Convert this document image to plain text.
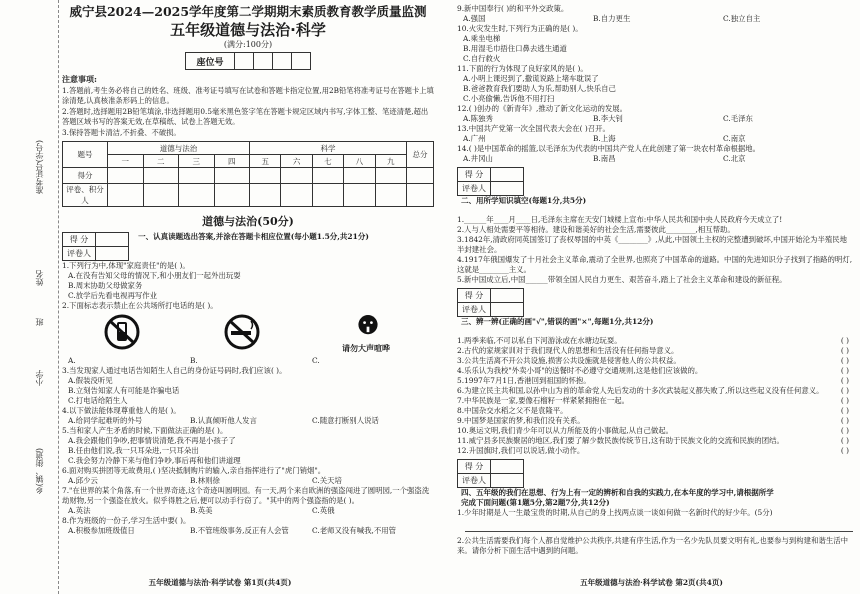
准考证号(学号)
姓名
班
小学
乡(镇、街道)

威宁县2024—2025学年度第二学期期末素质教育教学质量监测

五年级道德与法治·科学

(满分:100分)

座位号				
注意事项:
1.答题前,考生务必将自己的姓名、班级、准考证号填写在试卷和答题卡指定位置,用2B铅笔将准考证号在答题卡上填涂清楚,认真核准条形码上的信息。
2.答题时,选择题用2B铅笔填涂,非选择题用0.5毫米黑色签字笔在答题卡规定区域内书写,字体工整、笔迹清楚,超出答题区域书写的答案无效,在草稿纸、试卷上答题无效。
3.保持答题卡清洁,不折叠、不破损。
题号	道德与法治				科学					总分
	一	二	三	四	五	六	七	八	九	
得分										
评卷、积分人										
道德与法治(50分)
得 分	
评卷人	一、认真读题选出答案,并涂在答题卡相应位置(每小题1.5分,共21分)

1.下列行为中,体现"家庭责任"的是( )。

A.在没有告知父母的情况下,和小朋友们一起外出玩耍

B.周末协助父母做家务

C.放学后先看电视再写作业

2.下面标志表示禁止在公共场所打电话的是( )。

请勿大声喧哗
A.	B.	C.

3.当发现家人通过电话告知陌生人自己的身份证号码时,我们应该( )。

A.假装没听见

B.立刻告知家人有可能是诈骗电话

C.打电话给陌生人

4.以下做法能体现尊重他人的是( )。

A.给同学起难听的外号	B.认真倾听他人发言	C.随意打断别人说话

5.当和家人产生矛盾的时候,下面做法正确的是( )。

A.我会跟他们争吵,把事情说清楚,我不再是小孩子了

B.任由他们说,我一只耳朵进,一只耳朵出

C.我会努力冷静下来与他们争吵,事后再和他们讲道理

6.面对购买拼团等无故费用,( )坚决抵制购片的输入,亲自指挥进行了"虎门销烟"。

A.邱少云	B.林则徐	C.关天培

7."在世界的某个角落,有一个世界奇迹,这个奇迹叫圆明园。有一天,两个来自欧洲的强盗闯进了圆明园,一个强盗洗劫财物,另一个强盗在放火。似乎得胜之后,便可以动手行窃了。"其中的两个强盗指的是( )。

A.英法	B.英美	C.英俄

8.作为班级的一份子,学习生活中要( )。

A.积极参加班级值日	B.不管班级事务,反正有人会管	C.老师又没有喊我,不用管
五年级道德与法治·科学试卷 第1页(共4页)

9.新中国奉行( )的和平外交政策。

A.强国	B.自力更生	C.独立自主

10.火灾发生时,下列行为正确的是( )。

A.乘坐电梯

B.用湿毛巾捂住口鼻去逃生通道

C.自行救火

11.下面的行为体现了良好家风的是( )。

A.小明上课迟到了,撒谎说路上堵车耽误了

B.爸爸教育我们要助人为乐,帮助别人,快乐自己

C.小亮偷懒,告诉他不用打扫

12.( )创办的《新青年》,推动了新文化运动的发展。

A.陈独秀	B.李大钊	C.毛泽东

13.中国共产党第一次全国代表大会在( )召开。

A.广州	B.上海	C.南京

14.( )是中国革命的摇篮,以毛泽东为代表的中国共产党人在此创建了第一块农村革命根据地。

A.井冈山	B.南昌	C.北京
得 分	
评卷人	二、用所学知识填空(每题1分,共5分)

1.______年____月____日,毛泽东主席在天安门城楼上宣布:中华人民共和国中央人民政府今天成立了!

2.人与人相处需要平等相待。建设和谐美好的社会生活,需要彼此________,相互帮助。

3.1842年,清政府同英国签订了丧权辱国的中英《________》,从此,中国领土主权的完整遭到破坏,中国开始沦为半殖民地半封建社会。

4.1917年俄国爆发了十月社会主义革命,震动了全世界,也照亮了中国革命的道路。中国的先进知识分子找到了指路的明灯,这就是________主义。

5.新中国成立后,中国______带领全国人民自力更生、艰苦奋斗,踏上了社会主义革命和建设的新征程。

得 分	
评卷人	三、辨一辨(正确的画"√",错误的画"×",每题1分,共12分)

( )
1.两季来临,不可以私自下河游泳或在水塘边玩耍。

( )
2.古代的家规家训对于我们现代人的思想和生活没有任何指导意义。

( )
3.公共生活离不开公共设施,损害公共设施就是侵害他人的公共权益。

( )
4.乐乐认为我校"外卖小哥"的送餐时不必遵守交通规则,这是他们应该做的。

( )
5.1997年7月1日,香港回到祖国的怀抱。

( )
6.为建立民主共和国,以孙中山为首的革命党人先后发动的十多次武装起义都失败了,所以这些起义没有任何意义。

( )
7.中华民族是一家,要像石榴籽一样紧紧拥抱在一起。

( )
8.中国杂交水稻之父不是袁隆平。

( )
9.中国梦是国家的梦,和我们没有关系。

( )
10.奥运文明,我们青少年可以从力所能及的小事做起,从自己做起。

( )
11.威宁县多民族聚居的地区,我们要了解少数民族传统节日,这有助于民族文化的交流和民族的团结。

( )
12.升国旗时,我们可以说话,做小动作。

得 分	
评卷人	四、五年级的我们在思想、行为上有一定的辨析和自我的实践力,在本年度的学习中,请根据所学完成下面问题(第1题5分,第2题7分,共12分)

1.少年时期是人一生最宝贵的时期,从自己的身上找两点谈一谈如何做一名新时代的好少年。(5分)

2.公共生活需要我们每个人都自觉维护公共秩序,共建有序生活,作为一名少先队员要文明有礼,也要参与到构建和谐生活中来。请你分析下面生活中遇到的问题。

五年级道德与法治·科学试卷 第2页(共4页)
